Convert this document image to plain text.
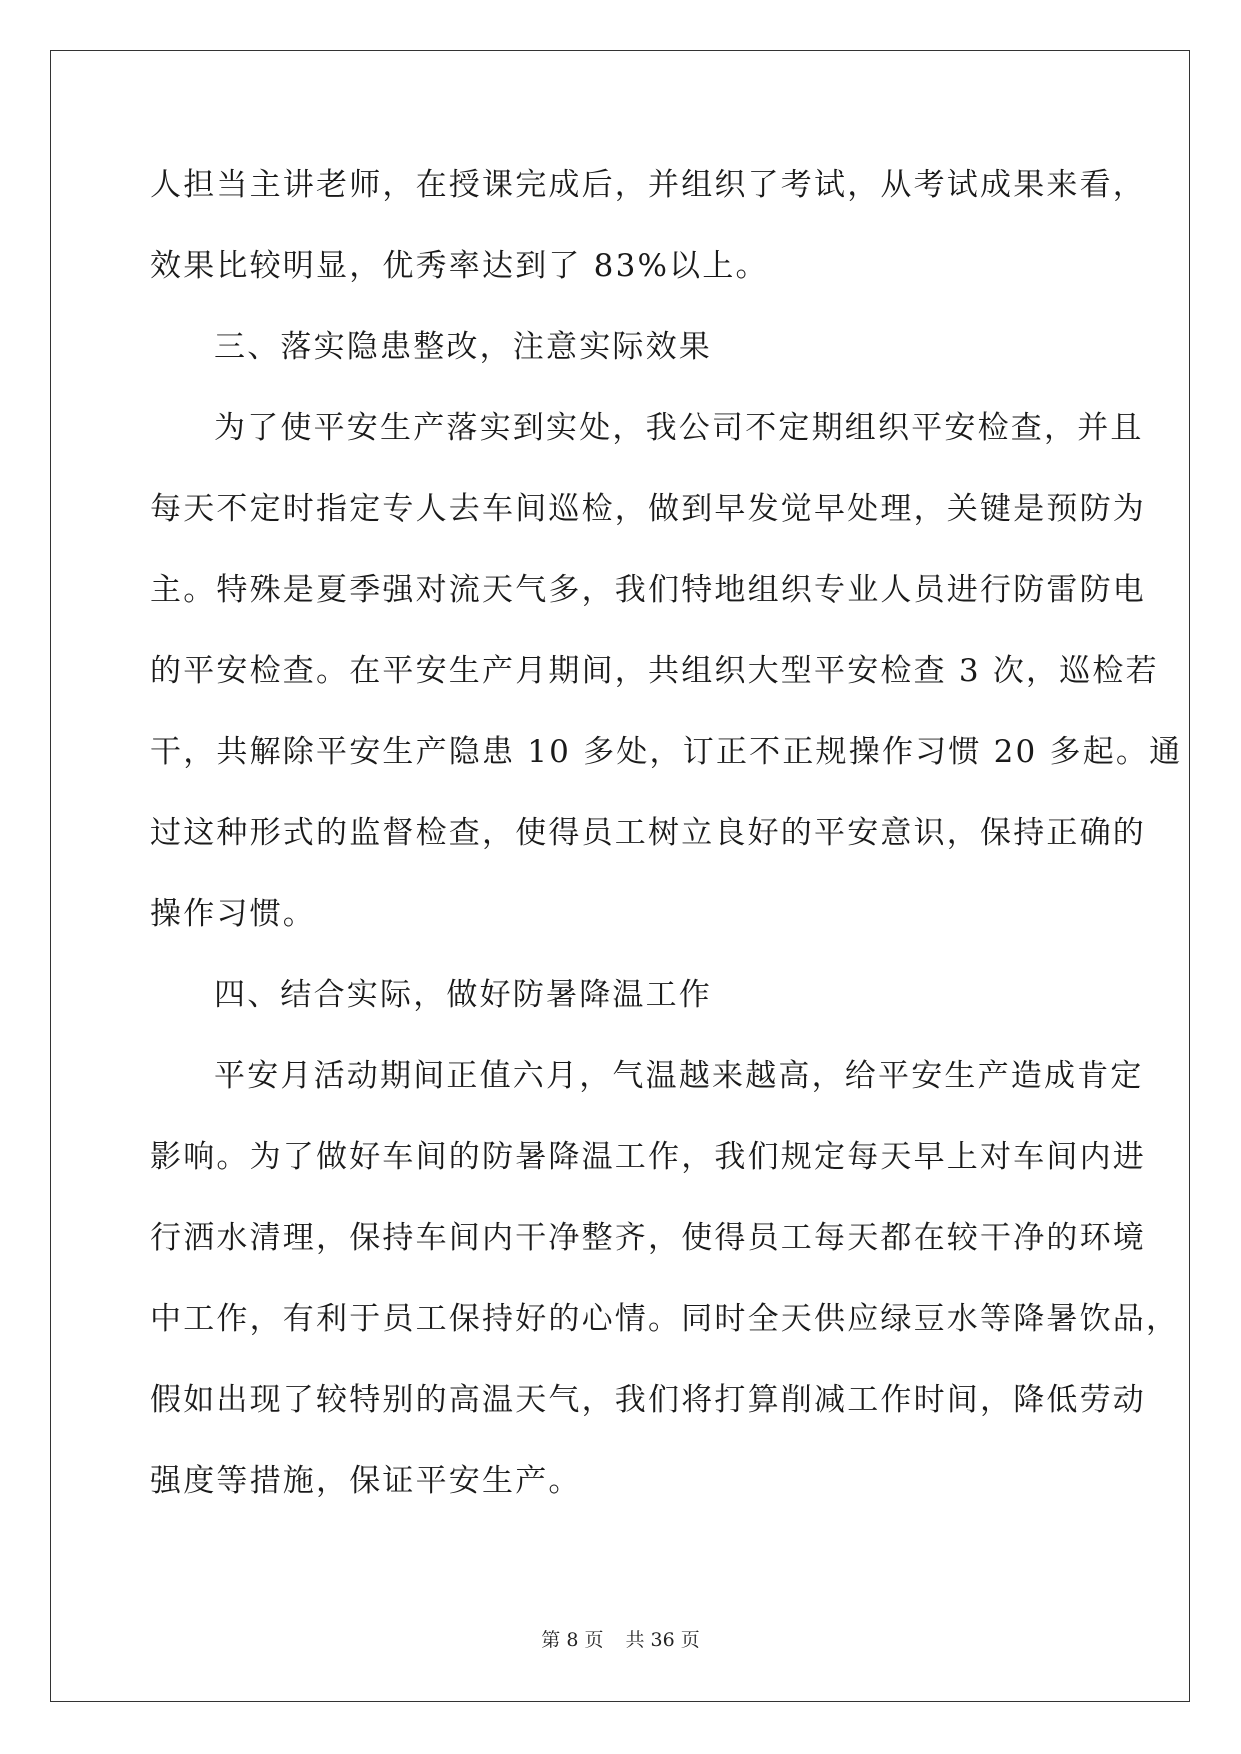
人担当主讲老师，在授课完成后，并组织了考试，从考试成果来看，
效果比较明显，优秀率达到了 83%以上。
三、落实隐患整改，注意实际效果
为了使平安生产落实到实处，我公司不定期组织平安检查，并且
每天不定时指定专人去车间巡检，做到早发觉早处理，关键是预防为
主。特殊是夏季强对流天气多，我们特地组织专业人员进行防雷防电
的平安检查。在平安生产月期间，共组织大型平安检查 3 次，巡检若
干，共解除平安生产隐患 10 多处，订正不正规操作习惯 20 多起。通
过这种形式的监督检查，使得员工树立良好的平安意识，保持正确的
操作习惯。
四、结合实际，做好防暑降温工作
平安月活动期间正值六月，气温越来越高，给平安生产造成肯定
影响。为了做好车间的防暑降温工作，我们规定每天早上对车间内进
行洒水清理，保持车间内干净整齐，使得员工每天都在较干净的环境
中工作，有利于员工保持好的心情。同时全天供应绿豆水等降暑饮品，
假如出现了较特别的高温天气，我们将打算削减工作时间，降低劳动
强度等措施，保证平安生产。
第 8 页 共 36 页
